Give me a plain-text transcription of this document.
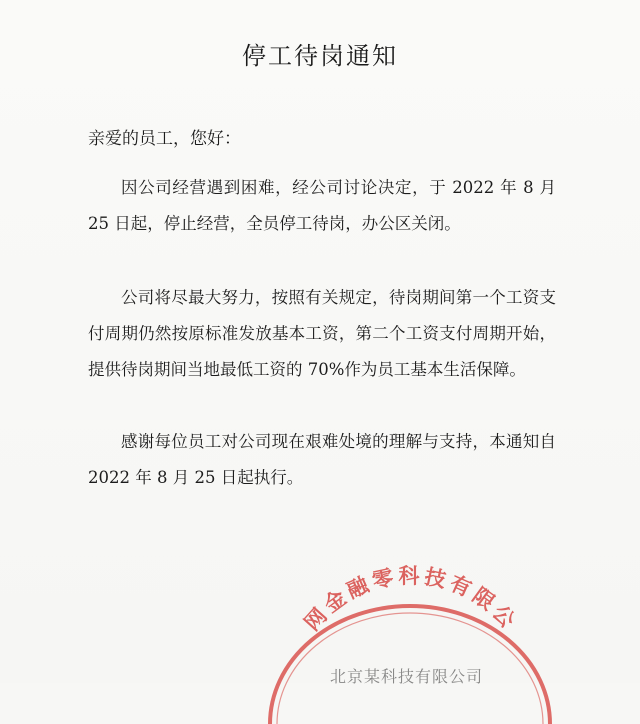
停工待岗通知
亲爱的员工，您好：
因公司经营遇到困难，经公司讨论决定，于 2022 年 8 月 25 日起，停止经营，全员停工待岗，办公区关闭。
公司将尽最大努力，按照有关规定，待岗期间第一个工资支付周期仍然按原标准发放基本工资，第二个工资支付周期开始，提供待岗期间当地最低工资的 70%作为员工基本生活保障。
感谢每位员工对公司现在艰难处境的理解与支持，本通知自 2022 年 8 月 25 日起执行。
网金融零科技有限公
北京某科技有限公司
